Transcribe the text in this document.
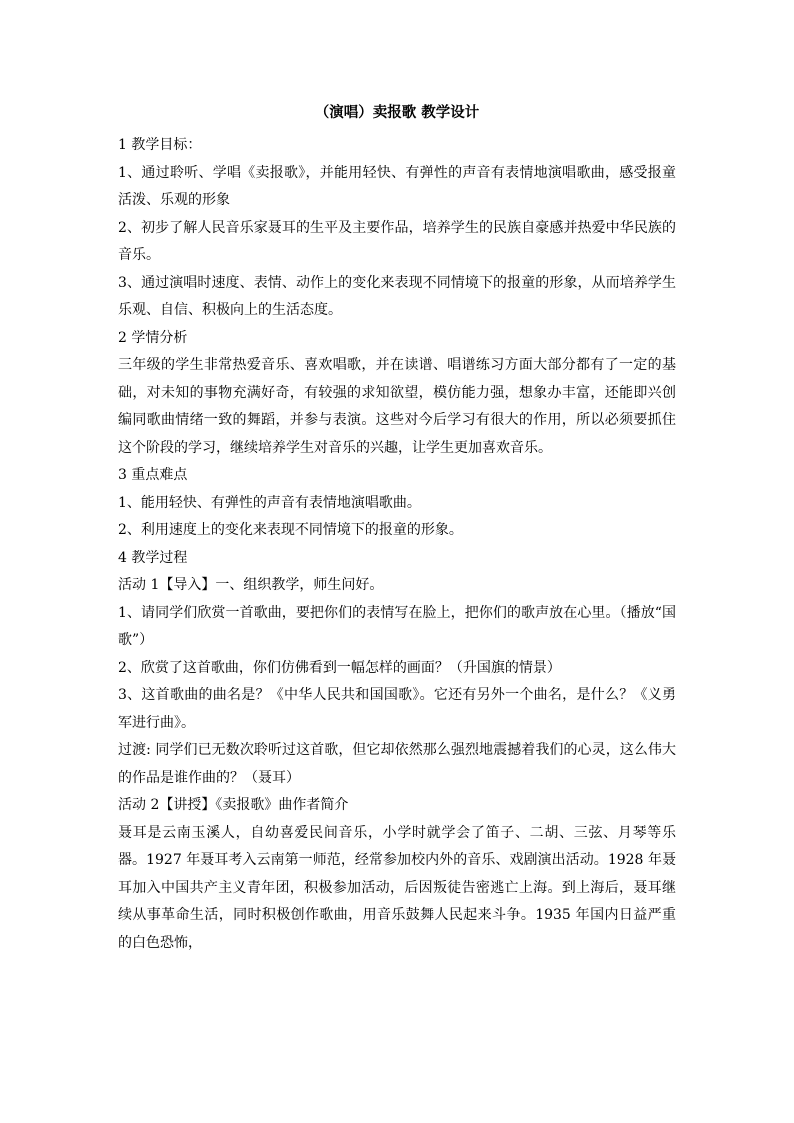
（演唱）卖报歌 教学设计

1 教学目标：

1、通过聆听、学唱《卖报歌》，并能用轻快、有弹性的声音有表情地演唱歌曲，感受报童活泼、乐观的形象

2、初步了解人民音乐家聂耳的生平及主要作品，培养学生的民族自豪感并热爱中华民族的音乐。

3、通过演唱时速度、表情、动作上的变化来表现不同情境下的报童的形象，从而培养学生乐观、自信、积极向上的生活态度。

2 学情分析

三年级的学生非常热爱音乐、喜欢唱歌，并在读谱、唱谱练习方面大部分都有了一定的基础，对未知的事物充满好奇，有较强的求知欲望，模仿能力强，想象办丰富，还能即兴创编同歌曲情绪一致的舞蹈，并参与表演。这些对今后学习有很大的作用，所以必须要抓住这个阶段的学习，继续培养学生对音乐的兴趣，让学生更加喜欢音乐。

3 重点难点

1、能用轻快、有弹性的声音有表情地演唱歌曲。

2、利用速度上的变化来表现不同情境下的报童的形象。

4 教学过程

活动 1【导入】一、组织教学，师生问好。

1、请同学们欣赏一首歌曲，要把你们的表情写在脸上，把你们的歌声放在心里。（播放“国歌”）

2、欣赏了这首歌曲，你们仿佛看到一幅怎样的画面？（升国旗的情景）

3、这首歌曲的曲名是？《中华人民共和国国歌》。它还有另外一个曲名，是什么？《义勇军进行曲》。

过渡: 同学们已无数次聆听过这首歌，但它却依然那么强烈地震撼着我们的心灵，这么伟大的作品是谁作曲的？（聂耳）

活动 2【讲授】《卖报歌》曲作者简介

聂耳是云南玉溪人，自幼喜爱民间音乐，小学时就学会了笛子、二胡、三弦、月琴等乐器。1927 年聂耳考入云南第一师范，经常参加校内外的音乐、戏剧演出活动。1928 年聂耳加入中国共产主义青年团，积极参加活动，后因叛徒告密逃亡上海。到上海后，聂耳继续从事革命生活，同时积极创作歌曲，用音乐鼓舞人民起来斗争。1935 年国内日益严重的白色恐怖，
